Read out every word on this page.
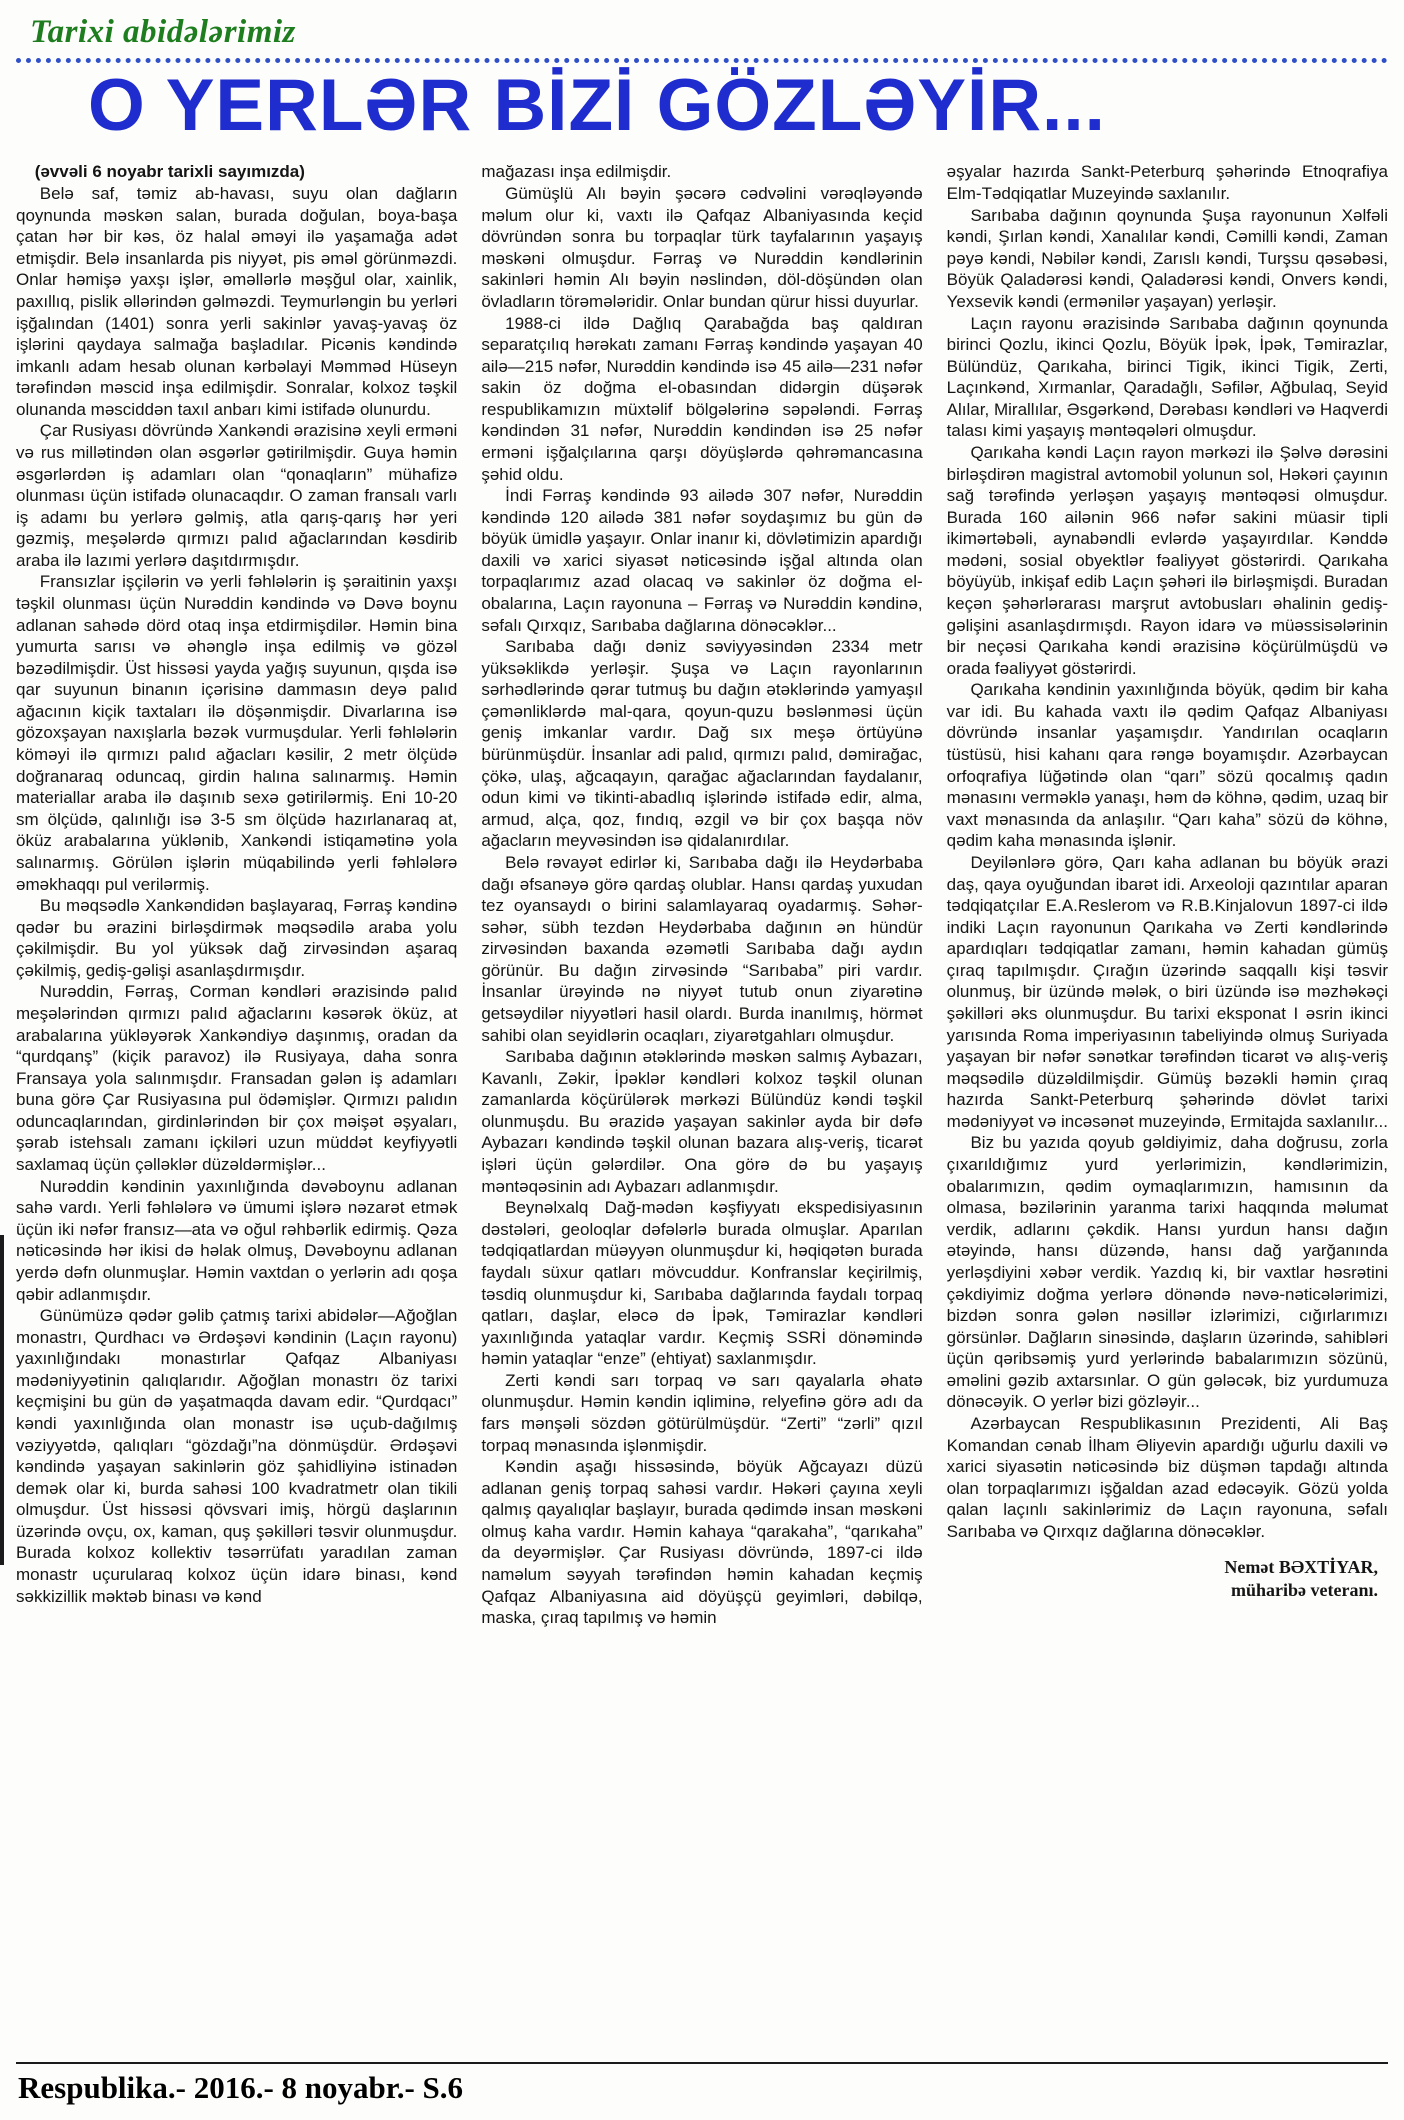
Tarixi abidələrimiz
O YERLƏR BİZİ GÖZLƏYİR...

(əvvəli 6 noyabr tarixli sayımızda)

Belə saf, təmiz ab-havası, suyu olan dağların qoynunda məskən salan, burada doğulan, boya-başa çatan hər bir kəs, öz halal əməyi ilə yaşamağa adət etmişdir. Belə insanlarda pis niyyət, pis əməl görünməzdi. Onlar həmişə yaxşı işlər, əməllərlə məşğul olar, xainlik, paxıllıq, pislik əllərindən gəlməzdi. Teymurləngin bu yerləri işğalından (1401) sonra yerli sakinlər yavaş-yavaş öz işlərini qaydaya salmağa başladılar. Picənis kəndində imkanlı adam hesab olunan kərbəlayi Məmməd Hüseyn tərəfindən məscid inşa edilmişdir. Sonralar, kolxoz təşkil olunanda məsciddən taxıl anbarı kimi istifadə olunurdu.

Çar Rusiyası dövründə Xankəndi ərazisinə xeyli erməni və rus millətindən olan əsgərlər gətirilmişdir. Guya həmin əsgərlərdən iş adamları olan “qonaqların” mühafizə olunması üçün istifadə olunacaqdır. O zaman fransalı varlı iş adamı bu yerlərə gəlmiş, atla qarış-qarış hər yeri gəzmiş, meşələrdə qırmızı palıd ağaclarından kəsdirib araba ilə lazımi yerlərə daşıtdırmışdır.

Fransızlar işçilərin və yerli fəhlələrin iş şəraitinin yaxşı təşkil olunması üçün Nurəddin kəndində və Dəvə boynu adlanan sahədə dörd otaq inşa etdirmişdilər. Həmin bina yumurta sarısı və əhənglə inşa edilmiş və gözəl bəzədilmişdir. Üst hissəsi yayda yağış suyunun, qışda isə qar suyunun binanın içərisinə dammasın deyə palıd ağacının kiçik taxtaları ilə döşənmişdir. Divarlarına isə gözoxşayan naxışlarla bəzək vurmuşdular. Yerli fəhlələrin köməyi ilə qırmızı palıd ağacları kəsilir, 2 metr ölçüdə doğranaraq oduncaq, girdin halına salınarmış. Həmin materiallar araba ilə daşınıb sexə gətirilərmiş. Eni 10-20 sm ölçüdə, qalınlığı isə 3-5 sm ölçüdə hazırlanaraq at, öküz arabalarına yüklənib, Xankəndi istiqamətinə yola salınarmış. Görülən işlərin müqabilində yerli fəhlələrə əməkhaqqı pul verilərmiş.

Bu məqsədlə Xankəndidən başlayaraq, Fərraş kəndinə qədər bu ərazini birləşdirmək məqsədilə araba yolu çəkilmişdir. Bu yol yüksək dağ zirvəsindən aşaraq çəkilmiş, gediş-gəlişi asanlaşdırmışdır.

Nurəddin, Fərraş, Corman kəndləri ərazisində palıd meşələrindən qırmızı palıd ağaclarını kəsərək öküz, at arabalarına yükləyərək Xankəndiyə daşınmış, oradan da “qurdqanş” (kiçik paravoz) ilə Rusiyaya, daha sonra Fransaya yola salınmışdır. Fransadan gələn iş adamları buna görə Çar Rusiyasına pul ödəmişlər. Qırmızı palıdın oduncaqlarından, girdinlərindən bir çox məişət əşyaları, şərab istehsalı zamanı içkiləri uzun müddət keyfiyyətli saxlamaq üçün çəlləklər düzəldərmişlər...

Nurəddin kəndinin yaxınlığında dəvəboynu adlanan sahə vardı. Yerli fəhlələrə və ümumi işlərə nəzarət etmək üçün iki nəfər fransız—ata və oğul rəhbərlik edirmiş. Qəza nəticəsində hər ikisi də həlak olmuş, Dəvəboynu adlanan yerdə dəfn olunmuşlar. Həmin vaxtdan o yerlərin adı qoşa qəbir adlanmışdır.

Günümüzə qədər gəlib çatmış tarixi abidələr—Ağoğlan monastrı, Qurdhacı və Ərdəşəvi kəndinin (Laçın rayonu) yaxınlığındakı monastırlar Qafqaz Albaniyası mədəniyyətinin qalıqlarıdır. Ağoğlan monastrı öz tarixi keçmişini bu gün də yaşatmaqda davam edir. “Qurdqacı” kəndi yaxınlığında olan monastr isə uçub-dağılmış vəziyyətdə, qalıqları “gözdağı”na dönmüşdür. Ərdəşəvi kəndində yaşayan sakinlərin göz şahidliyinə istinadən demək olar ki, burda sahəsi 100 kvadratmetr olan tikili olmuşdur. Üst hissəsi qövsvari imiş, hörgü daşlarının üzərində ovçu, ox, kaman, quş şəkilləri təsvir olunmuşdur. Burada kolxoz kollektiv təsərrüfatı yaradılan zaman monastr uçurularaq kolxoz üçün idarə binası, kənd səkkizillik məktəb binası və kənd

mağazası inşa edilmişdir.

Gümüşlü Alı bəyin şəcərə cədvəlini vərəqləyəndə məlum olur ki, vaxtı ilə Qafqaz Albaniyasında keçid dövründən sonra bu torpaqlar türk tayfalarının yaşayış məskəni olmuşdur. Fərraş və Nurəddin kəndlərinin sakinləri həmin Alı bəyin nəslindən, döl-döşündən olan övladların törəmələridir. Onlar bundan qürur hissi duyurlar.

1988-ci ildə Dağlıq Qarabağda baş qaldıran separatçılıq hərəkatı zamanı Fərraş kəndində yaşayan 40 ailə—215 nəfər, Nurəddin kəndində isə 45 ailə—231 nəfər sakin öz doğma el-obasından didərgin düşərək respublikamızın müxtəlif bölgələrinə səpələndi. Fərraş kəndindən 31 nəfər, Nurəddin kəndindən isə 25 nəfər erməni işğalçılarına qarşı döyüşlərdə qəhrəmancasına şəhid oldu.

İndi Fərraş kəndində 93 ailədə 307 nəfər, Nurəddin kəndində 120 ailədə 381 nəfər soydaşımız bu gün də böyük ümidlə yaşayır. Onlar inanır ki, dövlətimizin apardığı daxili və xarici siyasət nəticəsində işğal altında olan torpaqlarımız azad olacaq və sakinlər öz doğma el-obalarına, Laçın rayonuna – Fərraş və Nurəddin kəndinə, səfalı Qırxqız, Sarıbaba dağlarına dönəcəklər...

Sarıbaba dağı dəniz səviyyəsindən 2334 metr yüksəklikdə yerləşir. Şuşa və Laçın rayonlarının sərhədlərində qərar tutmuş bu dağın ətəklərində yamyaşıl çəmənliklərdə mal-qara, qoyun-quzu bəslənməsi üçün geniş imkanlar vardır. Dağ sıx meşə örtüyünə bürünmüşdür. İnsanlar adi palıd, qırmızı palıd, dəmirağac, çökə, ulaş, ağcaqayın, qarağac ağaclarından faydalanır, odun kimi və tikinti-abadlıq işlərində istifadə edir, alma, armud, alça, qoz, fındıq, əzgil və bir çox başqa növ ağacların meyvəsindən isə qidalanırdılar.

Belə rəvayət edirlər ki, Sarıbaba dağı ilə Heydərbaba dağı əfsanəyə görə qardaş olublar. Hansı qardaş yuxudan tez oyansaydı o birini salamlayaraq oyadarmış. Səhər-səhər, sübh tezdən Heydərbaba dağının ən hündür zirvəsindən baxanda əzəmətli Sarıbaba dağı aydın görünür. Bu dağın zirvəsində “Sarıbaba” piri vardır. İnsanlar ürəyində nə niyyət tutub onun ziyarətinə getsəydilər niyyətləri hasil olardı. Burda inanılmış, hörmət sahibi olan seyidlərin ocaqları, ziyarətgahları olmuşdur.

Sarıbaba dağının ətəklərində məskən salmış Aybazarı, Kavanlı, Zəkir, İpəklər kəndləri kolxoz təşkil olunan zamanlarda köçürülərək mərkəzi Bülündüz kəndi təşkil olunmuşdu. Bu ərazidə yaşayan sakinlər ayda bir dəfə Aybazarı kəndində təşkil olunan bazara alış-veriş, ticarət işləri üçün gələrdilər. Ona görə də bu yaşayış məntəqəsinin adı Aybazarı adlanmışdır.

Beynəlxalq Dağ-mədən kəşfiyyatı ekspedisiyasının dəstələri, geoloqlar dəfələrlə burada olmuşlar. Aparılan tədqiqatlardan müəyyən olunmuşdur ki, həqiqətən burada faydalı süxur qatları mövcuddur. Konfranslar keçirilmiş, təsdiq olunmuşdur ki, Sarıbaba dağlarında faydalı torpaq qatları, daşlar, eləcə də İpək, Təmirazlar kəndləri yaxınlığında yataqlar vardır. Keçmiş SSRİ dönəmində həmin yataqlar “enze” (ehtiyat) saxlanmışdır.

Zerti kəndi sarı torpaq və sarı qayalarla əhatə olunmuşdur. Həmin kəndin iqliminə, relyefinə görə adı da fars mənşəli sözdən götürülmüşdür. “Zerti” “zərli” qızıl torpaq mənasında işlənmişdir.

Kəndin aşağı hissəsində, böyük Ağcayazı düzü adlanan geniş torpaq sahəsi vardır. Həkəri çayına xeyli qalmış qayalıqlar başlayır, burada qədimdə insan məskəni olmuş kaha vardır. Həmin kahaya “qarakaha”, “qarıkaha” da deyərmişlər. Çar Rusiyası dövründə, 1897-ci ildə naməlum səyyah tərəfindən həmin kahadan keçmiş Qafqaz Albaniyasına aid döyüşçü geyimləri, dəbilqə, maska, çıraq tapılmış və həmin

əşyalar hazırda Sankt-Peterburq şəhərində Etnoqrafiya Elm-Tədqiqatlar Muzeyində saxlanılır.

Sarıbaba dağının qoynunda Şuşa rayonunun Xəlfəli kəndi, Şırlan kəndi, Xanalılar kəndi, Cəmilli kəndi, Zaman pəyə kəndi, Nəbilər kəndi, Zarıslı kəndi, Turşsu qəsəbəsi, Böyük Qaladərəsi kəndi, Qaladərəsi kəndi, Onvers kəndi, Yexsevik kəndi (ermənilər yaşayan) yerləşir.

Laçın rayonu ərazisində Sarıbaba dağının qoynunda birinci Qozlu, ikinci Qozlu, Böyük İpək, İpək, Təmirazlar, Bülündüz, Qarıkaha, birinci Tigik, ikinci Tigik, Zerti, Laçınkənd, Xırmanlar, Qaradağlı, Səfilər, Ağbulaq, Seyid Alılar, Mirallılar, Əsgərkənd, Dərəbası kəndləri və Haqverdi talası kimi yaşayış məntəqələri olmuşdur.

Qarıkaha kəndi Laçın rayon mərkəzi ilə Şəlvə dərəsini birləşdirən magistral avtomobil yolunun sol, Həkəri çayının sağ tərəfində yerləşən yaşayış məntəqəsi olmuşdur. Burada 160 ailənin 966 nəfər sakini müasir tipli ikimərtəbəli, aynabəndli evlərdə yaşayırdılar. Kənddə mədəni, sosial obyektlər fəaliyyət göstərirdi. Qarıkaha böyüyüb, inkişaf edib Laçın şəhəri ilə birləşmişdi. Buradan keçən şəhərlərarası marşrut avtobusları əhalinin gediş-gəlişini asanlaşdırmışdı. Rayon idarə və müəssisələrinin bir neçəsi Qarıkaha kəndi ərazisinə köçürülmüşdü və orada fəaliyyət göstərirdi.

Qarıkaha kəndinin yaxınlığında böyük, qədim bir kaha var idi. Bu kahada vaxtı ilə qədim Qafqaz Albaniyası dövründə insanlar yaşamışdır. Yandırılan ocaqların tüstüsü, hisi kahanı qara rəngə boyamışdır. Azərbaycan orfoqrafiya lüğətində olan “qarı” sözü qocalmış qadın mənasını verməklə yanaşı, həm də köhnə, qədim, uzaq bir vaxt mənasında da anlaşılır. “Qarı kaha” sözü də köhnə, qədim kaha mənasında işlənir.

Deyilənlərə görə, Qarı kaha adlanan bu böyük ərazi daş, qaya oyuğundan ibarət idi. Arxeoloji qazıntılar aparan tədqiqatçılar E.A.Reslerom və R.B.Kinjalovun 1897-ci ildə indiki Laçın rayonunun Qarıkaha və Zerti kəndlərində apardıqları tədqiqatlar zamanı, həmin kahadan gümüş çıraq tapılmışdır. Çırağın üzərində saqqallı kişi təsvir olunmuş, bir üzündə mələk, o biri üzündə isə məzhəkəçi şəkilləri əks olunmuşdur. Bu tarixi eksponat I əsrin ikinci yarısında Roma imperiyasının tabeliyində olmuş Suriyada yaşayan bir nəfər sənətkar tərəfindən ticarət və alış-veriş məqsədilə düzəldilmişdir. Gümüş bəzəkli həmin çıraq hazırda Sankt-Peterburq şəhərində dövlət tarixi mədəniyyət və incəsənət muzeyində, Ermitajda saxlanılır...

Biz bu yazıda qoyub gəldiyimiz, daha doğrusu, zorla çıxarıldığımız yurd yerlərimizin, kəndlərimizin, obalarımızın, qədim oymaqlarımızın, hamısının da olmasa, bəzilərinin yaranma tarixi haqqında məlumat verdik, adlarını çəkdik. Hansı yurdun hansı dağın ətəyində, hansı düzəndə, hansı dağ yarğanında yerləşdiyini xəbər verdik. Yazdıq ki, bir vaxtlar həsrətini çəkdiyimiz doğma yerlərə dönəndə nəvə-nəticələrimizi, bizdən sonra gələn nəsillər izlərimizi, cığırlarımızı görsünlər. Dağların sinəsində, daşların üzərində, sahibləri üçün qəribsəmiş yurd yerlərində babalarımızın sözünü, əməlini gəzib axtarsınlar. O gün gələcək, biz yurdumuza dönəcəyik. O yerlər bizi gözləyir...

Azərbaycan Respublikasının Prezidenti, Ali Baş Komandan cənab İlham Əliyevin apardığı uğurlu daxili və xarici siyasətin nəticəsində biz düşmən tapdağı altında olan torpaqlarımızı işğaldan azad edəcəyik. Gözü yolda qalan laçınlı sakinlərimiz də Laçın rayonuna, səfalı Sarıbaba və Qırxqız dağlarına dönəcəklər.

Nemət BƏXTİYAR,
müharibə veteranı.
Respublika.- 2016.- 8 noyabr.- S.6
